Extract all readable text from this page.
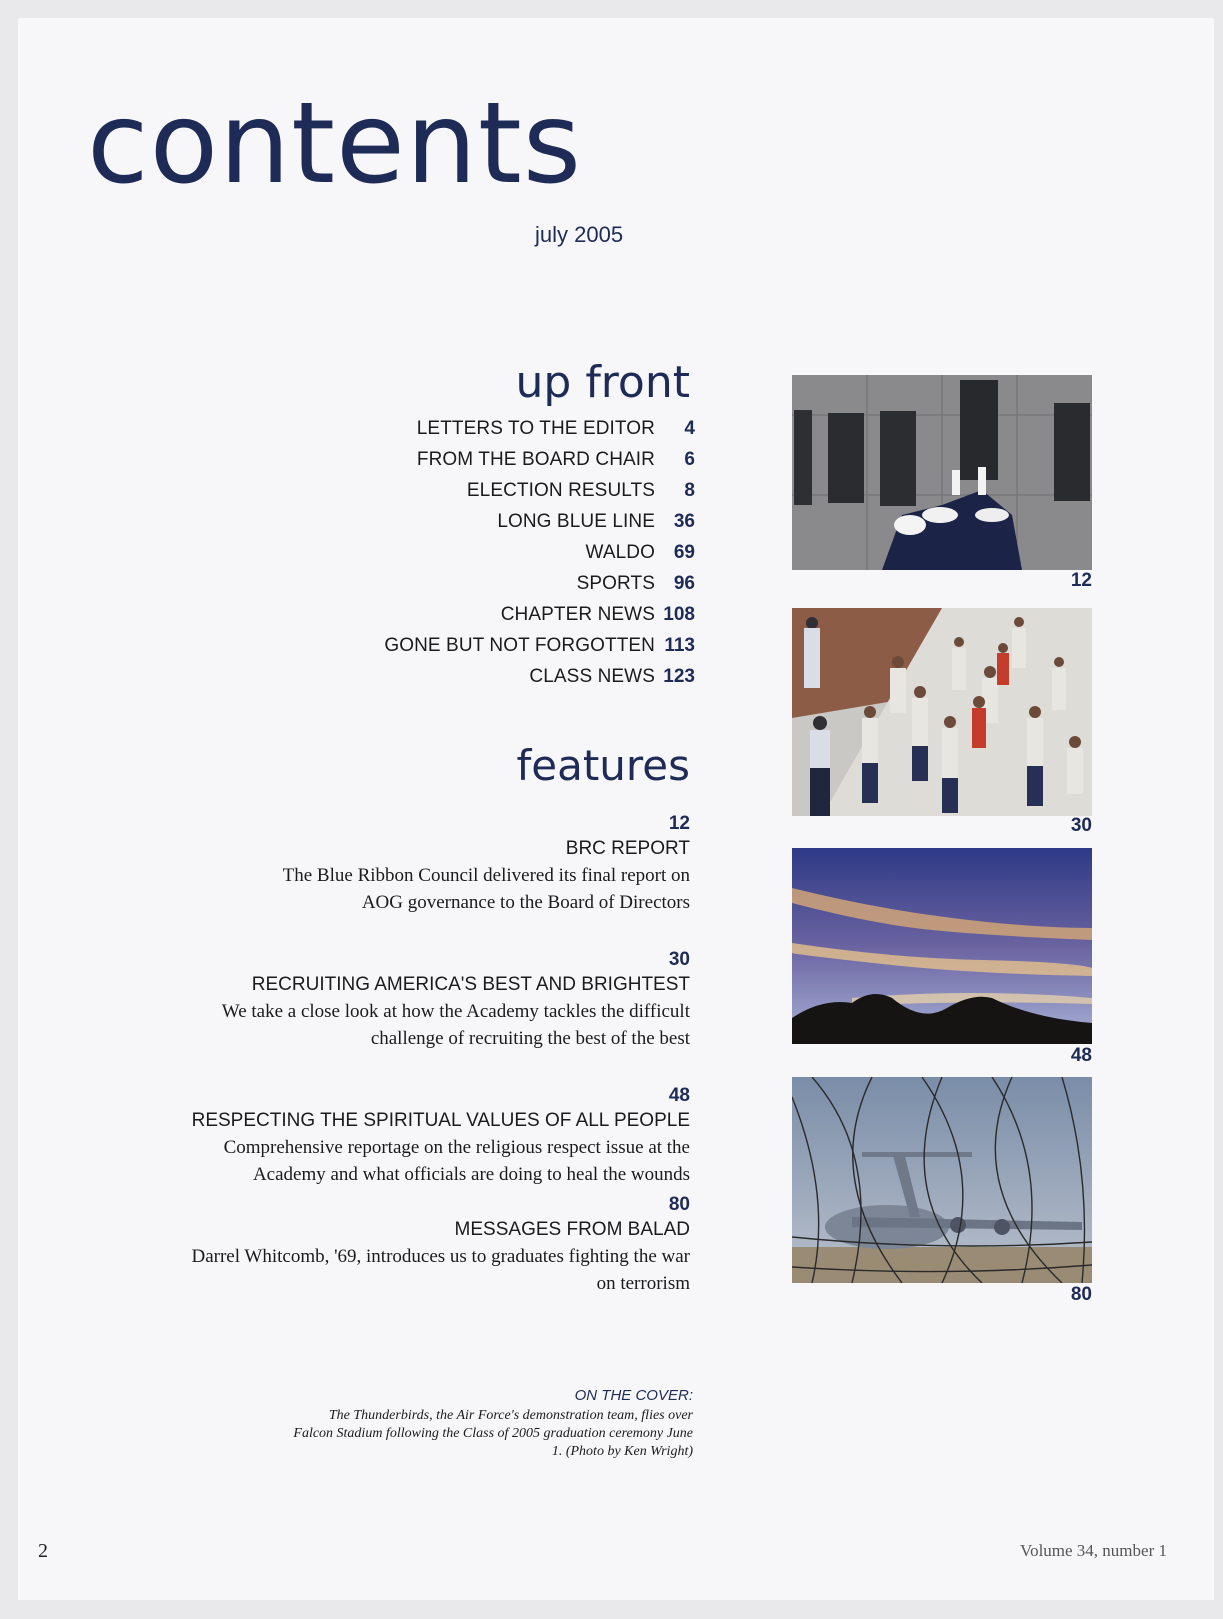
contents
july 2005
up front
LETTERS TO THE EDITOR	4
FROM THE BOARD CHAIR	6
ELECTION RESULTS	8
LONG BLUE LINE 36
WALDO 69
SPORTS 96
CHAPTER NEWS 108
GONE BUT NOT FORGOTTEN 113
CLASS NEWS 123
features
12
BRC REPORT
The Blue Ribbon Council delivered its final report on AOG governance to the Board of Directors
30
RECRUITING AMERICA'S BEST AND BRIGHTEST
We take a close look at how the Academy tackles the difficult challenge of recruiting the best of the best
48
RESPECTING THE SPIRITUAL VALUES OF ALL PEOPLE
Comprehensive reportage on the religious respect issue at the Academy and what officials are doing to heal the wounds
80
MESSAGES FROM BALAD
Darrel Whitcomb, '69, introduces us to graduates fighting the war on terrorism
12
30
48
80
ON THE COVER:
The Thunderbirds, the Air Force's demonstration team, flies over Falcon Stadium following the Class of 2005 graduation ceremony June 1. (Photo by Ken Wright)
2	Volume 34, number 1
